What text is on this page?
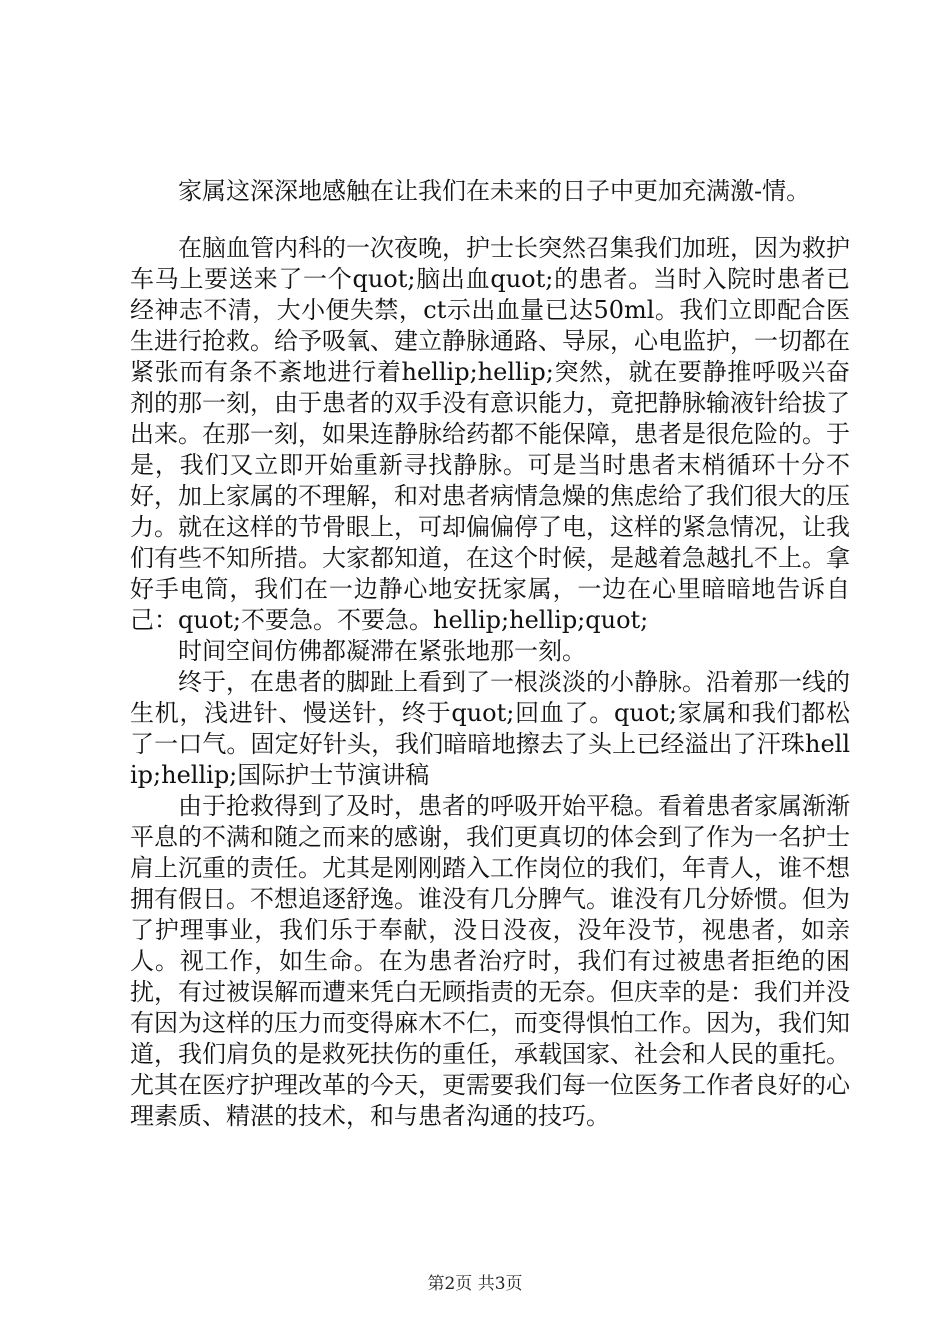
家属这深深地感触在让我们在未来的日子中更加充满激-情。

在脑血管内科的一次夜晚，护士长突然召集我们加班，因为救护车马上要送来了一个quot;脑出血quot;的患者。当时入院时患者已经神志不清，大小便失禁，ct示出血量已达50ml。我们立即配合医生进行抢救。给予吸氧、建立静脉通路、导尿，心电监护，一切都在紧张而有条不紊地进行着hellip;hellip;突然，就在要静推呼吸兴奋剂的那一刻，由于患者的双手没有意识能力，竟把静脉输液针给拔了出来。在那一刻，如果连静脉给药都不能保障，患者是很危险的。于是，我们又立即开始重新寻找静脉。可是当时患者末梢循环十分不好，加上家属的不理解，和对患者病情急燥的焦虑给了我们很大的压力。就在这样的节骨眼上，可却偏偏停了电，这样的紧急情况，让我们有些不知所措。大家都知道，在这个时候，是越着急越扎不上。拿好手电筒，我们在一边静心地安抚家属，一边在心里暗暗地告诉自己：quot;不要急。不要急。hellip;hellip;quot;

时间空间仿佛都凝滞在紧张地那一刻。

终于，在患者的脚趾上看到了一根淡淡的小静脉。沿着那一线的生机，浅进针、慢送针，终于quot;回血了。quot;家属和我们都松了一口气。固定好针头，我们暗暗地擦去了头上已经溢出了汗珠hellip;hellip;国际护士节演讲稿

由于抢救得到了及时，患者的呼吸开始平稳。看着患者家属渐渐平息的不满和随之而来的感谢，我们更真切的体会到了作为一名护士肩上沉重的责任。尤其是刚刚踏入工作岗位的我们，年青人，谁不想拥有假日。不想追逐舒逸。谁没有几分脾气。谁没有几分娇惯。但为了护理事业，我们乐于奉献，没日没夜，没年没节，视患者，如亲人。视工作，如生命。在为患者治疗时，我们有过被患者拒绝的困扰，有过被误解而遭来凭白无顾指责的无奈。但庆幸的是：我们并没有因为这样的压力而变得麻木不仁，而变得惧怕工作。因为，我们知道，我们肩负的是救死扶伤的重任，承载国家、社会和人民的重托。尤其在医疗护理改革的今天，更需要我们每一位医务工作者良好的心理素质、精湛的技术，和与患者沟通的技巧。

第2页 共3页
